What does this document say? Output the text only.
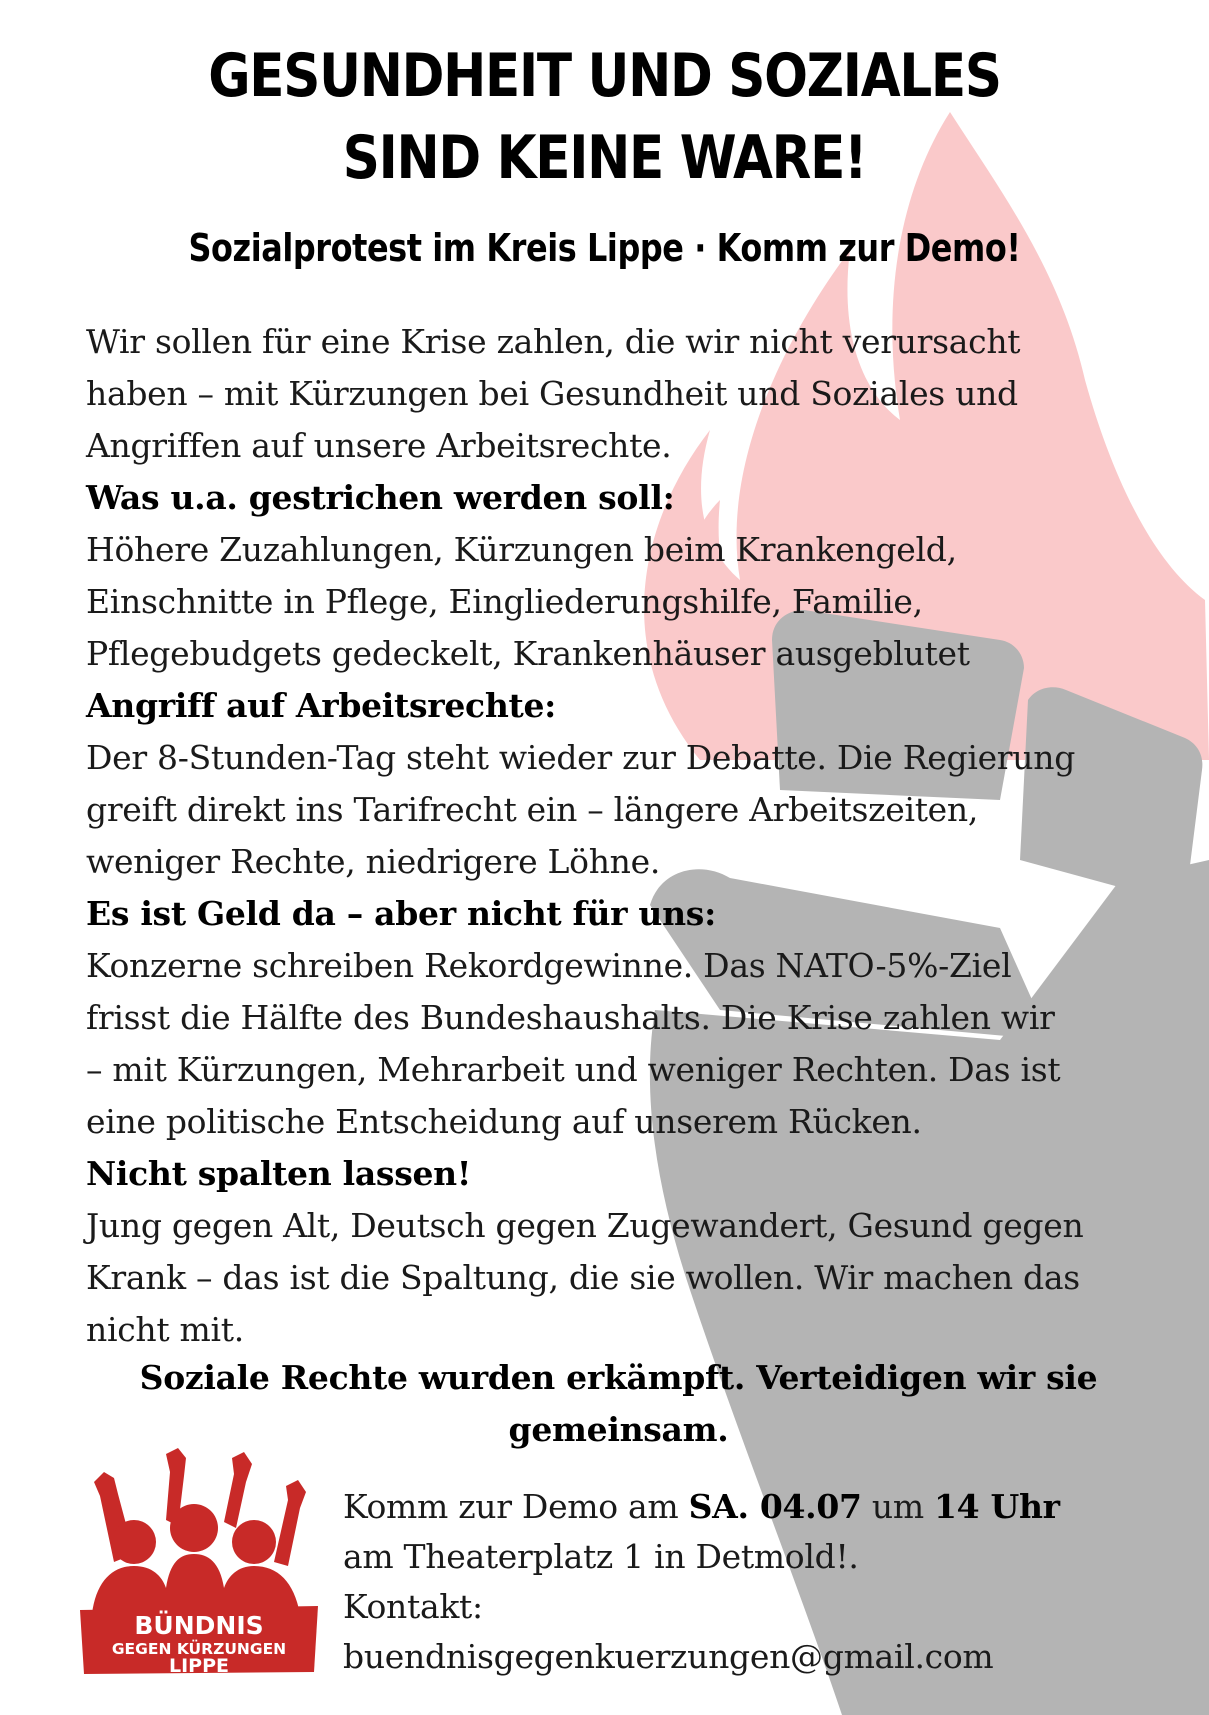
GESUNDHEIT UND SOZIALES
SIND KEINE WARE!
Sozialprotest im Kreis Lippe · Komm zur Demo!
Wir sollen für eine Krise zahlen, die wir nicht verursacht
haben – mit Kürzungen bei Gesundheit und Soziales und
Angriffen auf unsere Arbeitsrechte.
Was u.a. gestrichen werden soll:
Höhere Zuzahlungen, Kürzungen beim Krankengeld,
Einschnitte in Pflege, Eingliederungshilfe, Familie,
Pflegebudgets gedeckelt, Krankenhäuser ausgeblutet
Angriff auf Arbeitsrechte:
Der 8-Stunden-Tag steht wieder zur Debatte. Die Regierung
greift direkt ins Tarifrecht ein – längere Arbeitszeiten,
weniger Rechte, niedrigere Löhne.
Es ist Geld da – aber nicht für uns:
Konzerne schreiben Rekordgewinne. Das NATO-5%-Ziel
frisst die Hälfte des Bundeshaushalts. Die Krise zahlen wir
– mit Kürzungen, Mehrarbeit und weniger Rechten. Das ist
eine politische Entscheidung auf unserem Rücken.
Nicht spalten lassen!
Jung gegen Alt, Deutsch gegen Zugewandert, Gesund gegen
Krank – das ist die Spaltung, die sie wollen. Wir machen das
nicht mit.
Soziale Rechte wurden erkämpft. Verteidigen wir sie
gemeinsam.
BÜNDNIS
GEGEN KÜRZUNGEN
LIPPE
Komm zur Demo am SA. 04.07 um 14 Uhr
am Theaterplatz 1 in Detmold!.
Kontakt:
buendnisgegenkuerzungen@gmail.com
